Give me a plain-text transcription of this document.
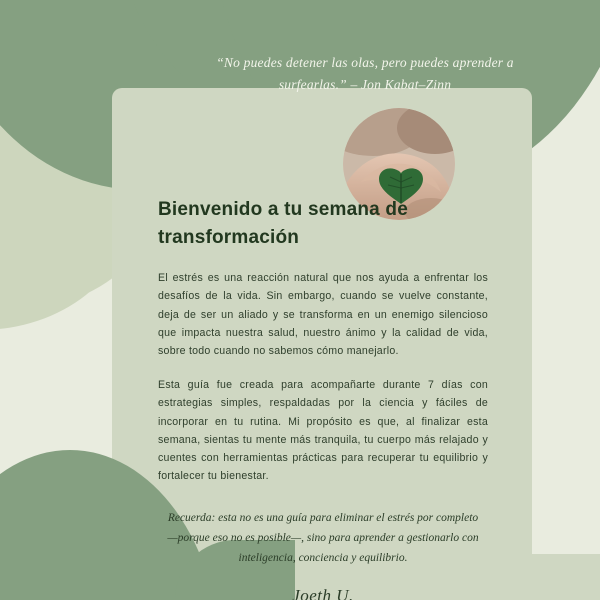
“No puedes detener las olas, pero puedes aprender a surfearlas.” – Jon Kabat–Zinn
Bienvenido a tu semana de transformación

El estrés es una reacción natural que nos ayuda a enfrentar los desafíos de la vida. Sin embargo, cuando se vuelve constante, deja de ser un aliado y se transforma en un enemigo silencioso que impacta nuestra salud, nuestro ánimo y la calidad de vida, sobre todo cuando no sabemos cómo manejarlo.

Esta guía fue creada para acompañarte durante 7 días con estrategias simples, respaldadas por la ciencia y fáciles de incorporar en tu rutina. Mi propósito es que, al finalizar esta semana, sientas tu mente más tranquila, tu cuerpo más relajado y cuentes con herramientas prácticas para recuperar tu equilibrio y fortalecer tu bienestar.

Recuerda: esta no es una guía para eliminar el estrés por completo —porque eso no es posible—, sino para aprender a gestionarlo con inteligencia, conciencia y equilibrio.

Joeth U.
